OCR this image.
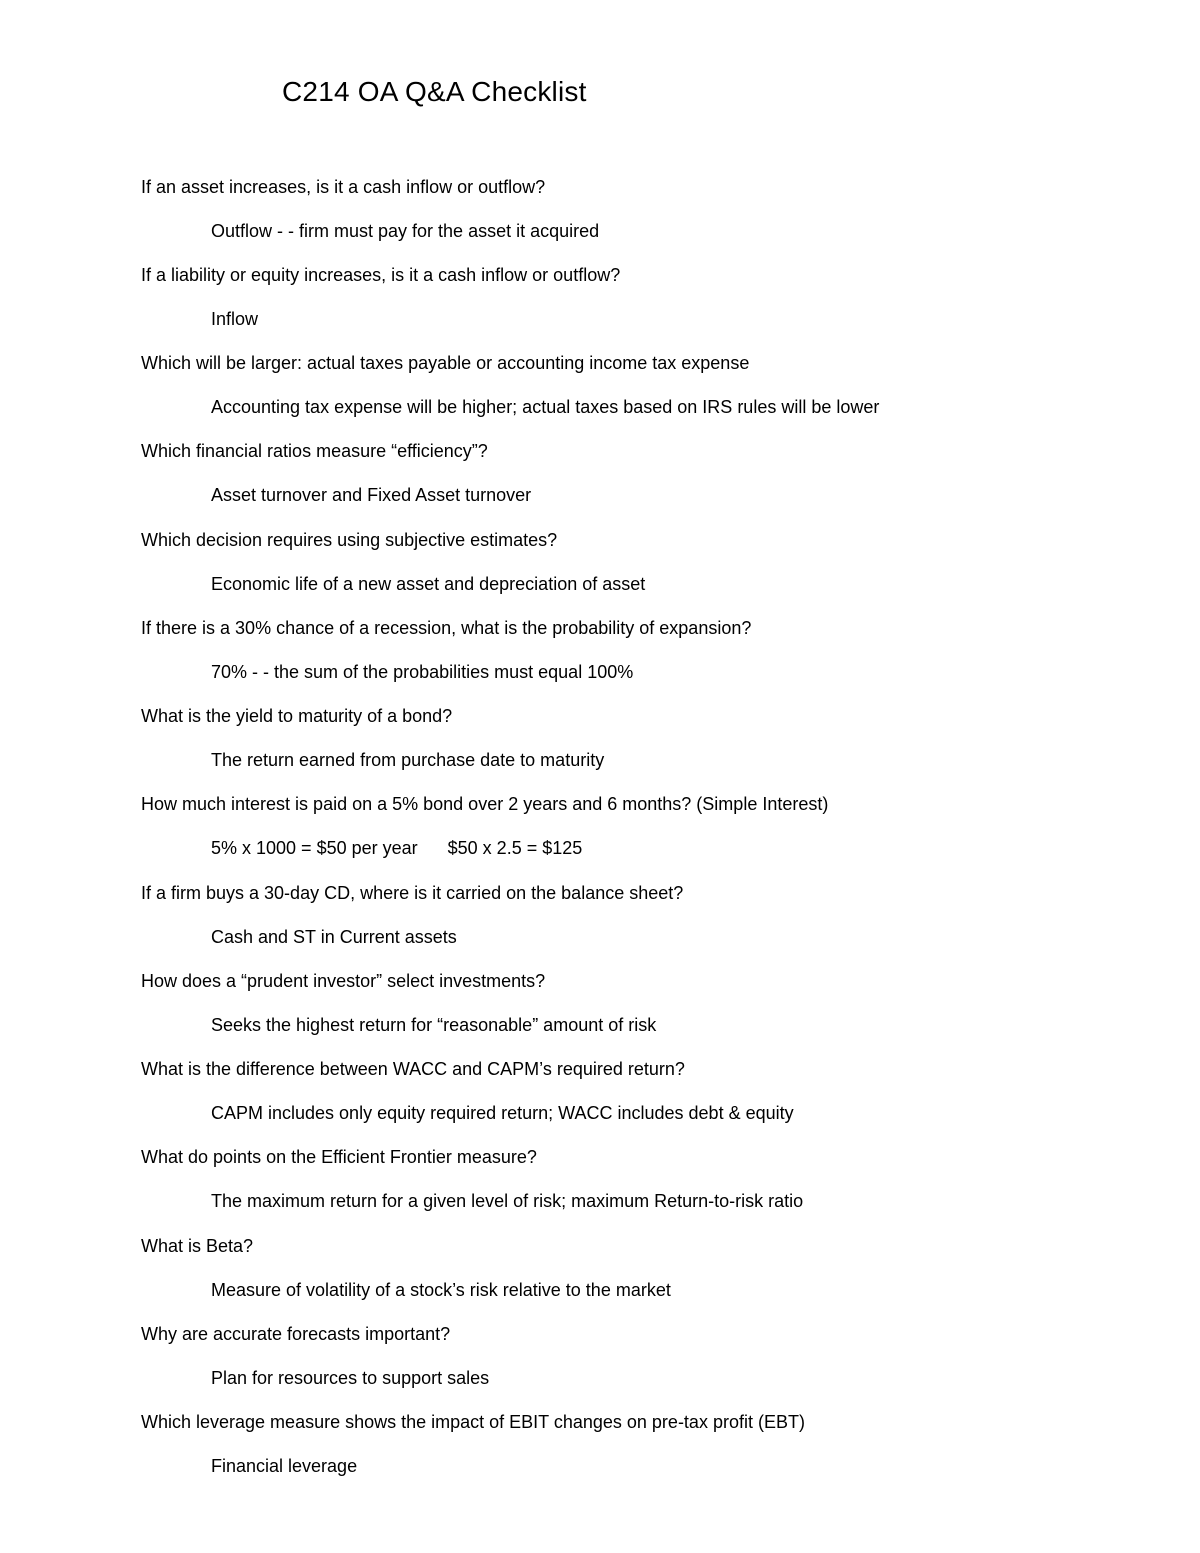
C214 OA Q&A Checklist
If an asset increases, is it a cash inflow or outflow?
Outflow - - firm must pay for the asset it acquired
If a liability or equity increases, is it a cash inflow or outflow?
Inflow
Which will be larger: actual taxes payable or accounting income tax expense
Accounting tax expense will be higher; actual taxes based on IRS rules will be lower
Which financial ratios measure “efficiency”?
Asset turnover and Fixed Asset turnover
Which decision requires using subjective estimates?
Economic life of a new asset and depreciation of asset
If there is a 30% chance of a recession, what is the probability of expansion?
70% - - the sum of the probabilities must equal 100%
What is the yield to maturity of a bond?
The return earned from purchase date to maturity
How much interest is paid on a 5% bond over 2 years and 6 months? (Simple Interest)
5% x 1000 = $50 per year      $50 x 2.5 = $125
If a firm buys a 30-day CD, where is it carried on the balance sheet?
Cash and ST in Current assets
How does a “prudent investor” select investments?
Seeks the highest return for “reasonable” amount of risk
What is the difference between WACC and CAPM’s required return?
CAPM includes only equity required return; WACC includes debt & equity
What do points on the Efficient Frontier measure?
The maximum return for a given level of risk; maximum Return-to-risk ratio
What is Beta?
Measure of volatility of a stock’s risk relative to the market
Why are accurate forecasts important?
Plan for resources to support sales
Which leverage measure shows the impact of EBIT changes on pre-tax profit (EBT)
Financial leverage
